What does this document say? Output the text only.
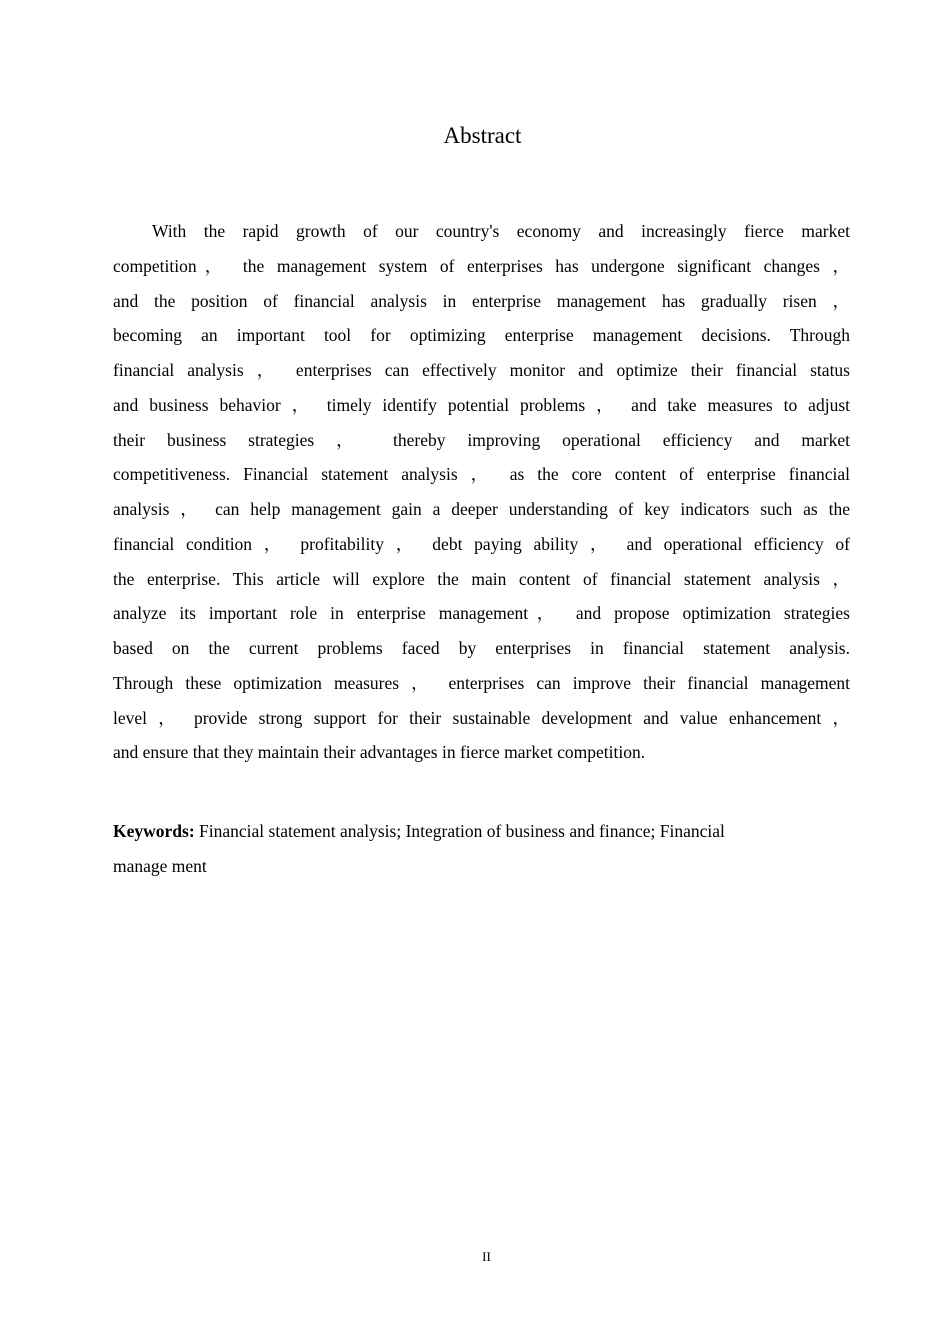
Abstract
With the rapid growth of our country's economy and increasingly fierce market
competition， the management system of enterprises has undergone significant changes ，
and the position of financial analysis in enterprise management has gradually risen ，
becoming an important tool for optimizing enterprise management decisions. Through
financial analysis ， enterprises can effectively monitor and optimize their financial status
and business behavior ， timely identify potential problems ， and take measures to adjust
their business strategies ， thereby improving operational efficiency and market
competitiveness. Financial statement analysis ， as the core content of enterprise financial
analysis ， can help management gain a deeper understanding of key indicators such as the
financial condition ， profitability ， debt paying ability ， and operational efficiency of
the enterprise. This article will explore the main content of financial statement analysis ，
analyze its important role in enterprise management， and propose optimization strategies
based on the current problems faced by enterprises in financial statement analysis.
Through these optimization measures ， enterprises can improve their financial management
level ， provide strong support for their sustainable development and value enhancement ，
and ensure that they maintain their advantages in fierce market competition.
Keywords: Financial statement analysis; Integration of business and finance; Financial
manage ment
II
